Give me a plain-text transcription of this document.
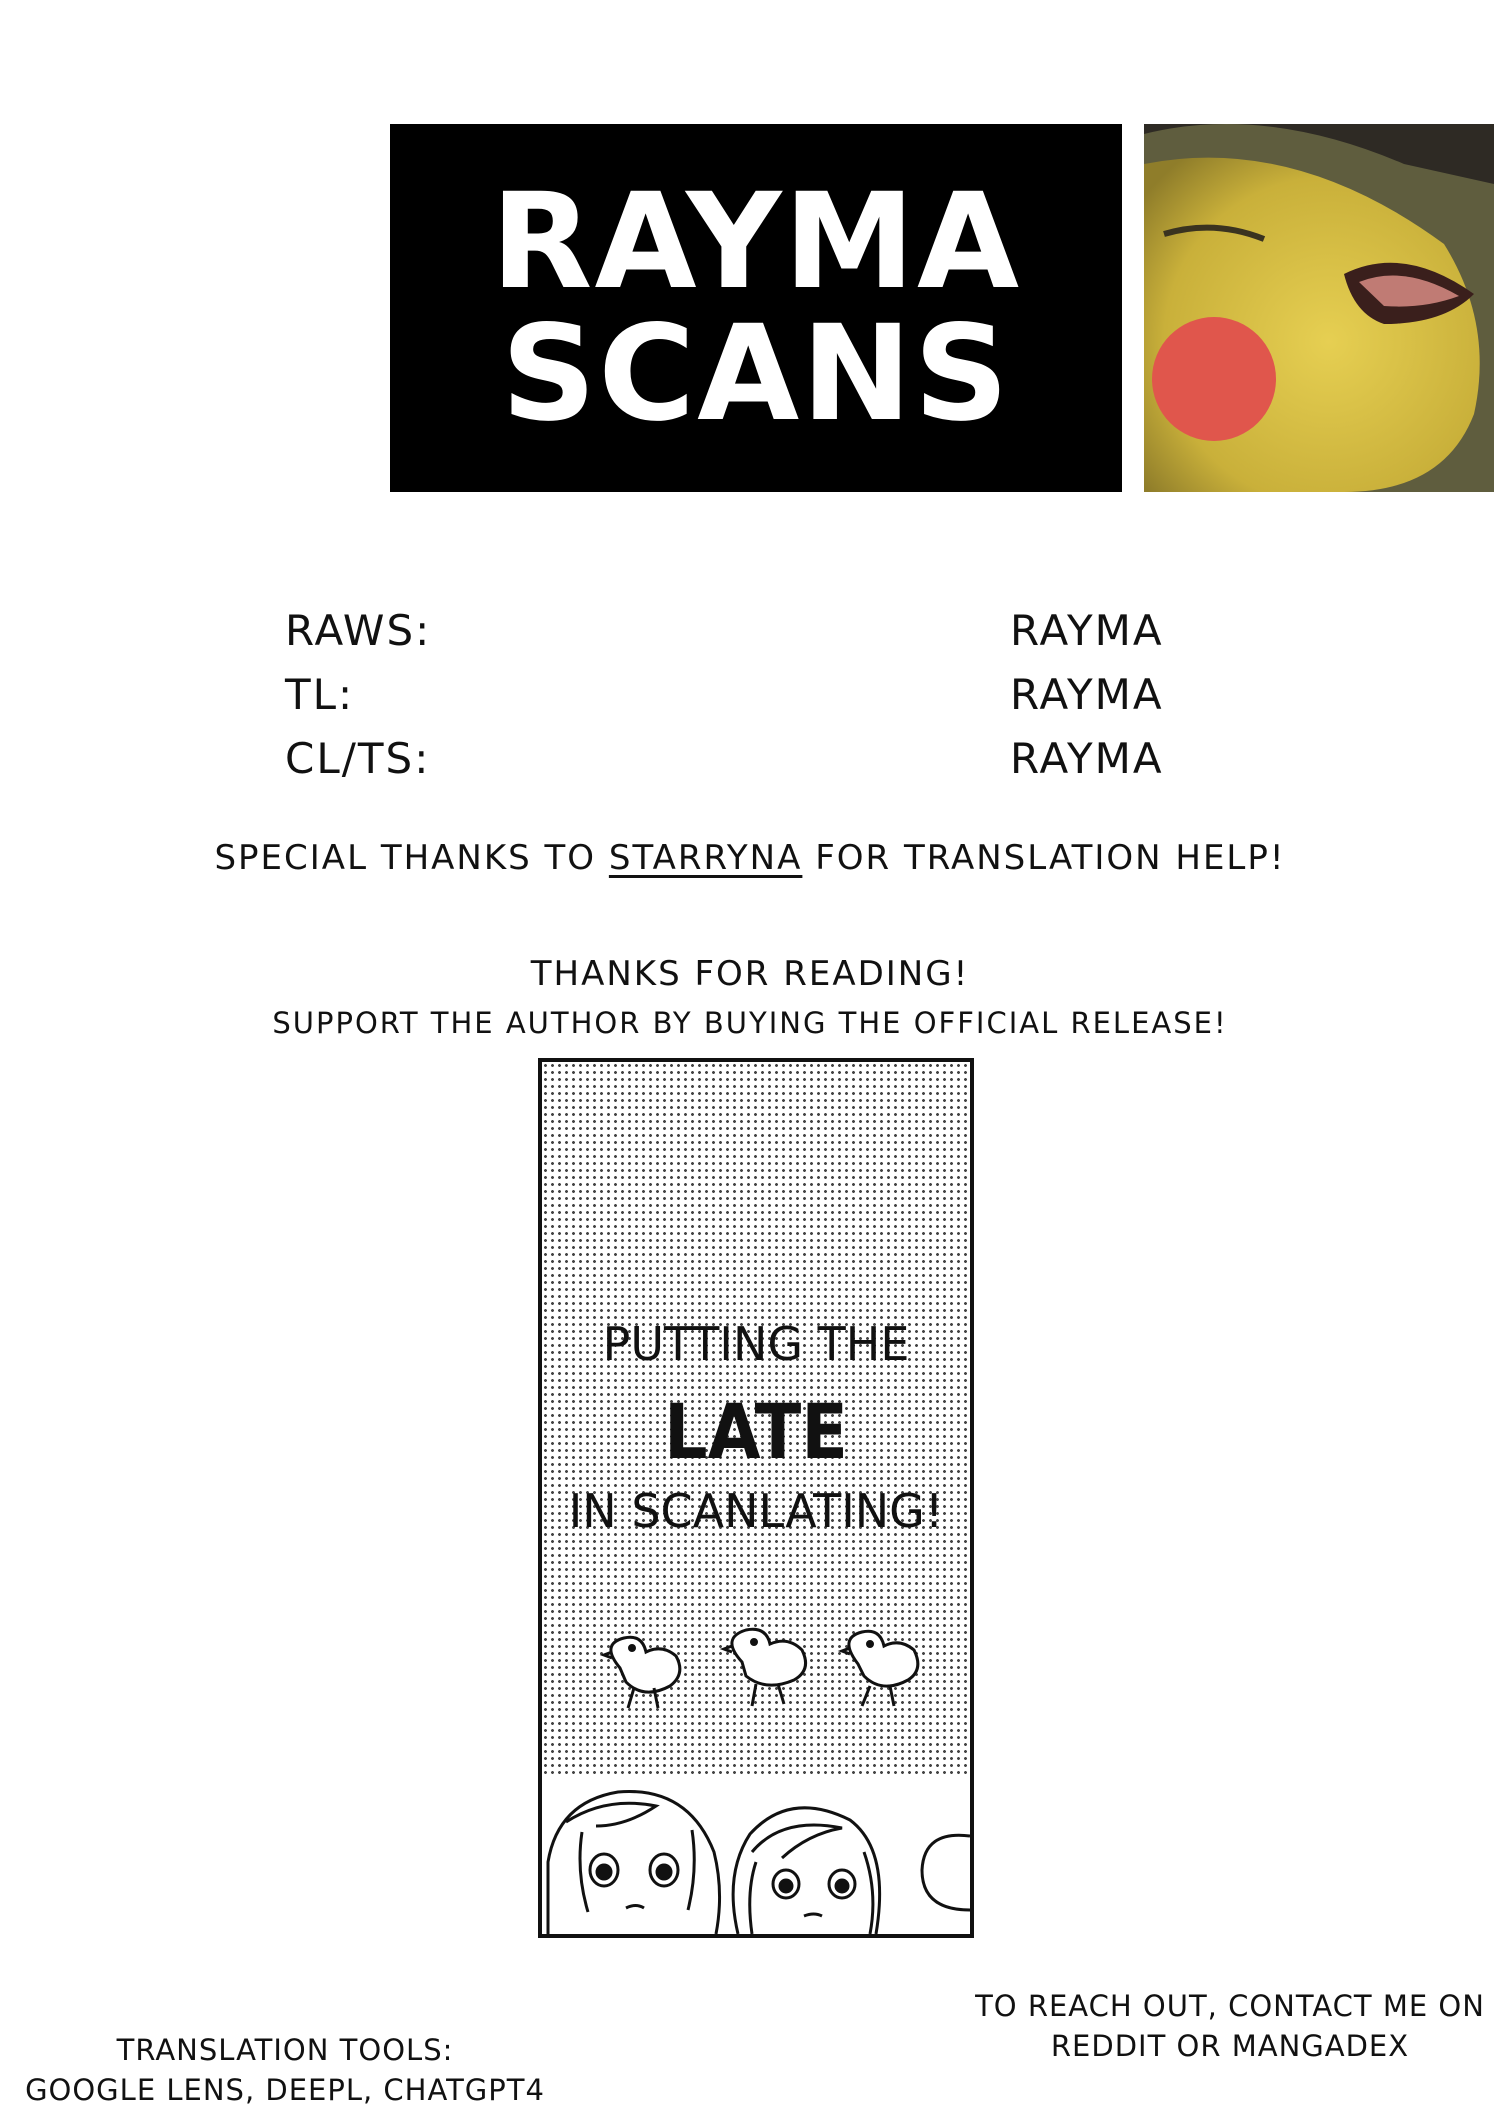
RAYMA
SCANS
RAWS:	RAYMA
TL:	RAYMA
CL/TS:	RAYMA
SPECIAL THANKS TO STARRYNA FOR TRANSLATION HELP!
THANKS FOR READING!
SUPPORT THE AUTHOR BY BUYING THE OFFICIAL RELEASE!
PUTTING THE
LATE
IN SCANLATING!
TRANSLATION TOOLS:
GOOGLE LENS, DEEPL, CHATGPT4
TO REACH OUT, CONTACT ME ON
REDDIT OR MANGADEX
